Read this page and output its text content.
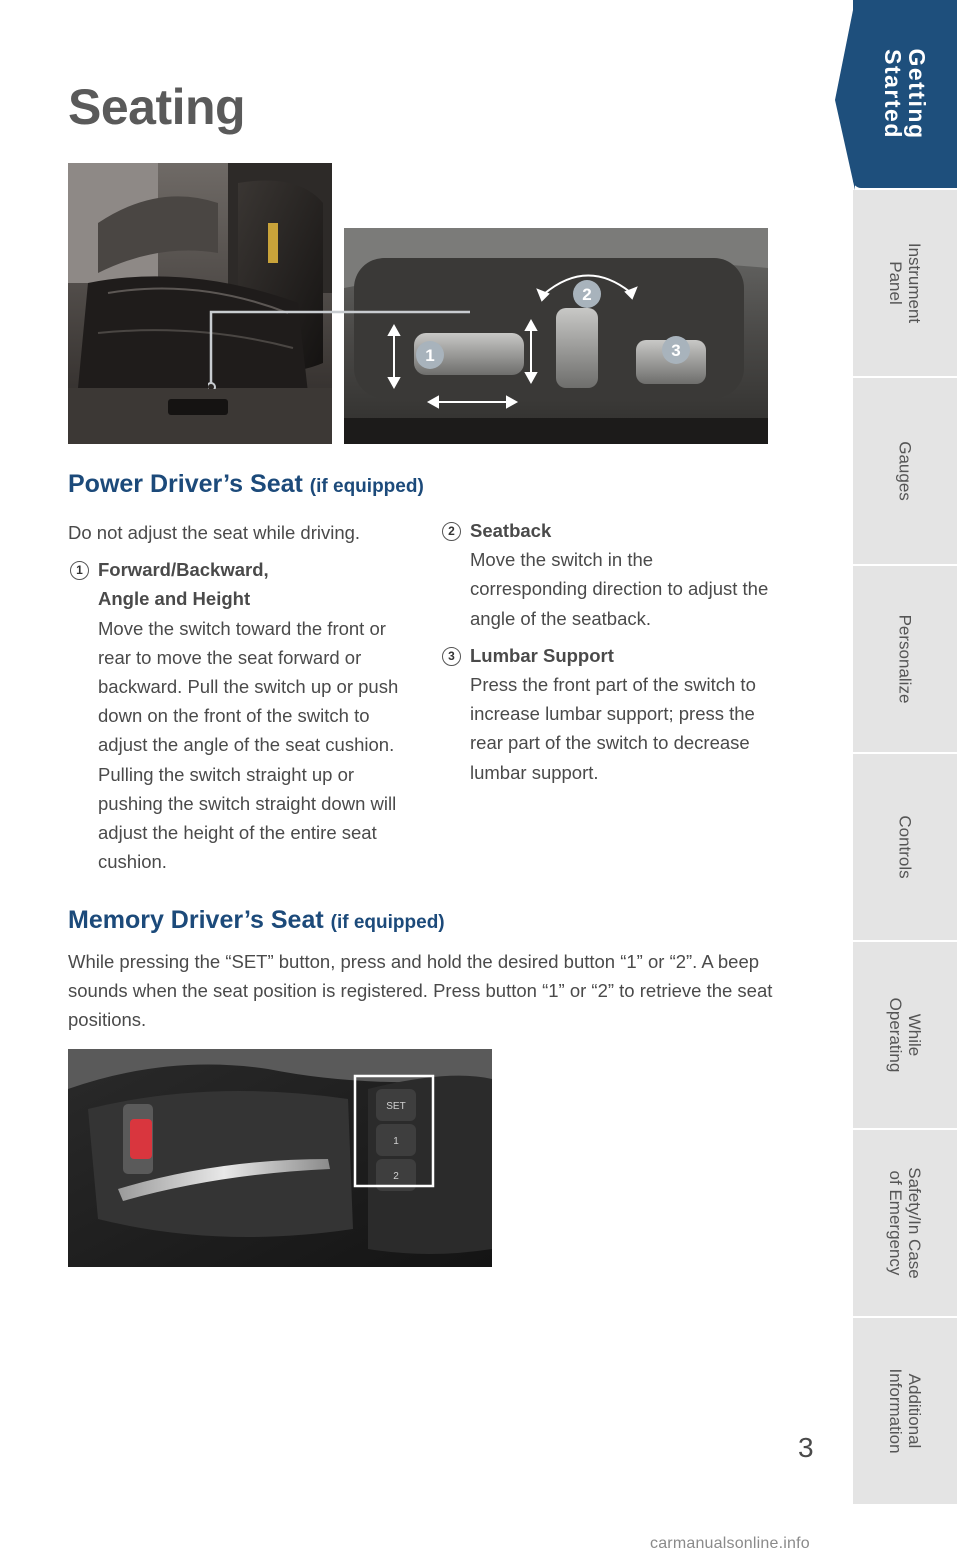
Seating
1
2
3
Power Driver’s Seat (if equipped)

Do not adjust the seat while driving.

1 Forward/Backward, Angle and Height

Move the switch toward the front or rear to move the seat forward or backward. Pull the switch up or push down on the front of the switch to adjust the angle of the seat cushion. Pulling the switch straight up or pushing the switch straight down will adjust the height of the entire seat cushion.

2 Seatback

Move the switch in the corresponding direction to adjust the angle of the seatback.

3 Lumbar Support

Press the front part of the switch to increase lumbar support; press the rear part of the switch to decrease lumbar support.

Memory Driver’s Seat (if equipped)

While pressing the “SET” button, press and hold the desired button “1” or “2”. A beep sounds when the seat position is registered. Press button “1” or “2” to retrieve the seat positions.

SET
1
2
Getting
Started
Instrument
Panel
Gauges
Personalize
Controls
While
Operating
Safety/In Case
of Emergency
Additional
Information
3
carmanualsonline.info
